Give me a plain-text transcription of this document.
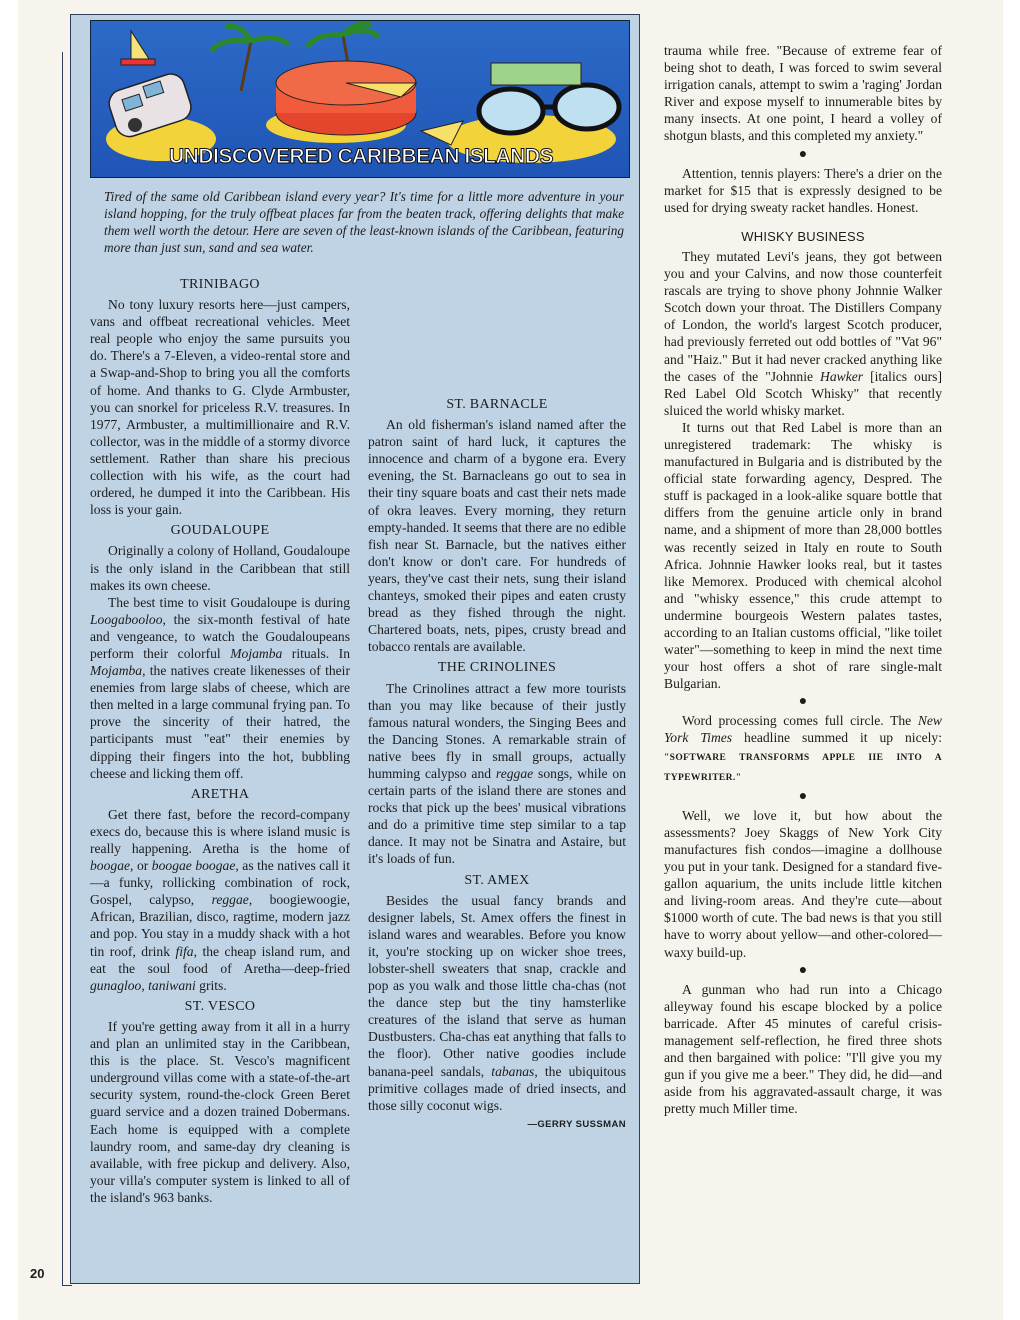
UNDISCOVERED CARIBBEAN ISLANDS
Tired of the same old Caribbean island every year? It's time for a little more adventure in your island hopping, for the truly offbeat places far from the beaten track, offering delights that make them well worth the detour. Here are seven of the least-known islands of the Caribbean, featuring more than just sun, sand and sea water.
TRINIBAGO

No tony luxury resorts here—just campers, vans and offbeat recreational vehicles. Meet real people who enjoy the same pursuits you do. There's a 7-Eleven, a video-rental store and a Swap-and-Shop to bring you all the comforts of home. And thanks to G. Clyde Armbuster, you can snorkel for priceless R.V. treasures. In 1977, Armbuster, a multimillionaire and R.V. collector, was in the middle of a stormy divorce settlement. Rather than share his precious collection with his wife, as the court had ordered, he dumped it into the Caribbean. His loss is your gain.

GOUDALOUPE

Originally a colony of Holland, Goudaloupe is the only island in the Caribbean that still makes its own cheese.

The best time to visit Goudaloupe is during Loogabooloo, the six-month festival of hate and vengeance, to watch the Goudaloupeans perform their colorful Mojamba rituals. In Mojamba, the natives create likenesses of their enemies from large slabs of cheese, which are then melted in a large communal frying pan. To prove the sincerity of their hatred, the participants must "eat" their enemies by dipping their fingers into the hot, bubbling cheese and licking them off.

ARETHA

Get there fast, before the record-company execs do, because this is where island music is really happening. Aretha is the home of boogae, or boogae boogae, as the natives call it—a funky, rollicking combination of rock, Gospel, calypso, reggae, boogiewoogie, African, Brazilian, disco, ragtime, modern jazz and pop. You stay in a muddy shack with a hot tin roof, drink fifa, the cheap island rum, and eat the soul food of Aretha—deep-fried gunagloo, taniwani grits.

ST. VESCO

If you're getting away from it all in a hurry and plan an unlimited stay in the Caribbean, this is the place. St. Vesco's magnificent underground villas come with a state-of-the-art security system, round-the-clock Green Beret guard service and a dozen trained Dobermans. Each home is equipped with a complete laundry room, and same-day dry cleaning is available, with free pickup and delivery. Also, your villa's computer system is linked to all of the island's 963 banks.

ST. BARNACLE

An old fisherman's island named after the patron saint of hard luck, it captures the innocence and charm of a bygone era. Every evening, the St. Barnacleans go out to sea in their tiny square boats and cast their nets made of okra leaves. Every morning, they return empty-handed. It seems that there are no edible fish near St. Barnacle, but the natives either don't know or don't care. For hundreds of years, they've cast their nets, sung their island chanteys, smoked their pipes and eaten crusty bread as they fished through the night. Chartered boats, nets, pipes, crusty bread and tobacco rentals are available.

THE CRINOLINES

The Crinolines attract a few more tourists than you may like because of their justly famous natural wonders, the Singing Bees and the Dancing Stones. A remarkable strain of native bees fly in small groups, actually humming calypso and reggae songs, while on certain parts of the island there are stones and rocks that pick up the bees' musical vibrations and do a primitive time step similar to a tap dance. It may not be Sinatra and Astaire, but it's loads of fun.

ST. AMEX

Besides the usual fancy brands and designer labels, St. Amex offers the finest in island wares and wearables. Before you know it, you're stocking up on wicker shoe trees, lobster-shell sweaters that snap, crackle and pop as you walk and those little cha-chas (not the dance step but the tiny hamsterlike creatures of the island that serve as human Dustbusters. Cha-chas eat anything that falls to the floor). Other native goodies include banana-peel sandals, tabanas, the ubiquitous primitive collages made of dried insects, and those silly coconut wigs.

—GERRY SUSSMAN

trauma while free. "Because of extreme fear of being shot to death, I was forced to swim several irrigation canals, attempt to swim a 'raging' Jordan River and expose myself to innumerable bites by many insects. At one point, I heard a volley of shotgun blasts, and this completed my anxiety."

●

Attention, tennis players: There's a drier on the market for $15 that is expressly designed to be used for drying sweaty racket handles. Honest.

WHISKY BUSINESS

They mutated Levi's jeans, they got between you and your Calvins, and now those counterfeit rascals are trying to shove phony Johnnie Walker Scotch down your throat. The Distillers Company of London, the world's largest Scotch producer, had previously ferreted out odd bottles of "Vat 96" and "Haiz." But it had never cracked anything like the cases of the "Johnnie Hawker [italics ours] Red Label Old Scotch Whisky" that recently sluiced the world whisky market.

It turns out that Red Label is more than an unregistered trademark: The whisky is manufactured in Bulgaria and is distributed by the official state forwarding agency, Despred. The stuff is packaged in a look-alike square bottle that differs from the genuine article only in brand name, and a shipment of more than 28,000 bottles was recently seized in Italy en route to South Africa. Johnnie Hawker looks real, but it tastes like Memorex. Produced with chemical alcohol and "whisky essence," this crude attempt to undermine bourgeois Western palates tastes, according to an Italian customs official, "like toilet water"—something to keep in mind the next time your host offers a shot of rare single-malt Bulgarian.

●

Word processing comes full circle. The New York Times headline summed it up nicely: "SOFTWARE TRANSFORMS APPLE IIE INTO A TYPEWRITER."

●

Well, we love it, but how about the assessments? Joey Skaggs of New York City manufactures fish condos—imagine a dollhouse you put in your tank. Designed for a standard five-gallon aquarium, the units include little kitchen and living-room areas. And they're cute—about $1000 worth of cute. The bad news is that you still have to worry about yellow—and other-colored—waxy build-up.

●

A gunman who had run into a Chicago alleyway found his escape blocked by a police barricade. After 45 minutes of careful crisis-management self-reflection, he fired three shots and then bargained with police: "I'll give you my gun if you give me a beer." They did, he did—and aside from his aggravated-assault charge, it was pretty much Miller time.

20
